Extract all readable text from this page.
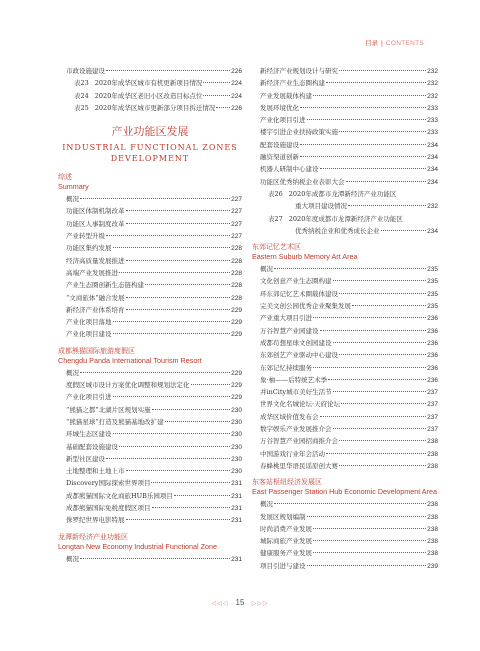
目录 | CONTENTS
市政设施建设	226
表23 2020年成华区城市有机更新项目情况	224
表24 2020年成华区老旧小区改造目标点位	224
表25 2020年成华区城市更新部分项目拆迁情况 226
产业功能区发展
INDUSTRIAL FUNCTIONAL ZONES
DEVELOPMENT
综述
Summary
概况	227
功能区体制机制改革	227
功能区人事制度改革	227
产业转型升级	227
功能区集约发展	228
经济高质量发展推进	228
高端产业发展推进	228
产业生态圈创新生态链构建	228
“文商旅体”融合发展	228
新经济产业体系培育	229
产业化项目落地	229
产业化项目建设	229
成都熊猫国际旅游度假区
Chengdu Panda International Tourism Resort
概况	229
度假区城市设计方案优化调整和规划法定化	229
产业化项目引进	229
“熊猫之都”北湖片区规划实施	230
“熊猫星球”打造及熊猫基地改扩建	230
环城生态区建设	230
基础配套设施建设	230
新型社区建设	230
土地整理和土地上市	230
Discovery国际探索世界项目	231
成都熊猫国际文化商旅HUB乐园项目	231
成都熊猫国际免税度假区项目	231
侏罗纪世界电影特展	231
龙潭新经济产业功能区
Longtan New Economy Industrial Functional Zone
概况	231
新经济产业规划设计与研究	232
新经济产业生态圈构建	232
产业发展载体构建	232
发展环境优化	233
产业化项目引进	233
楼宇引进企业扶持政策实施	233
配套设施建设	234
融资渠道创新	234
机器人研制中心建设	234
功能区优秀纳税企业表彰大会	234
表26 2020年成都市龙潭新经济产业功能区
重大项目建设情况	232
表27 2020年度成都市龙潭新经济产业功能区
优秀纳税企业和优秀成长企业	234
东郊记忆艺术区
Eastern Suburb Memory Art Area
概况	235
文化创意产业生态圈构建	235
环东郊记忆艺术圈载体建设	235
完美文创公园优秀企业聚集发展	235
产业重大项目引进	236
万谷智慧产业园建设	236
成都苟想星球文创园建设	236
东郊创艺产业驱动中心建设	236
东郊记忆持续服务	236
象·柚——后特统艺术季	236
并inCity城市美好生活节	237
世界文化名城论坛·天府论坛	237
成华区域价值发布会	237
数字娱乐产业发展推介会	237
万谷智慧产业园招商推介会	238
中国游戏行业年会活动	238
春蜂桃里华语民谣原创大赛	238
东客站枢纽经济发展区
East Passenger Station Hub Economic Development Area
概况	238
发展区规划编制	238
时尚消费产业发展	238
城际商旅产业发展	238
健康服务产业发展	238
项目引进与建设	239
◁◁◁ 15 ▷▷▷
